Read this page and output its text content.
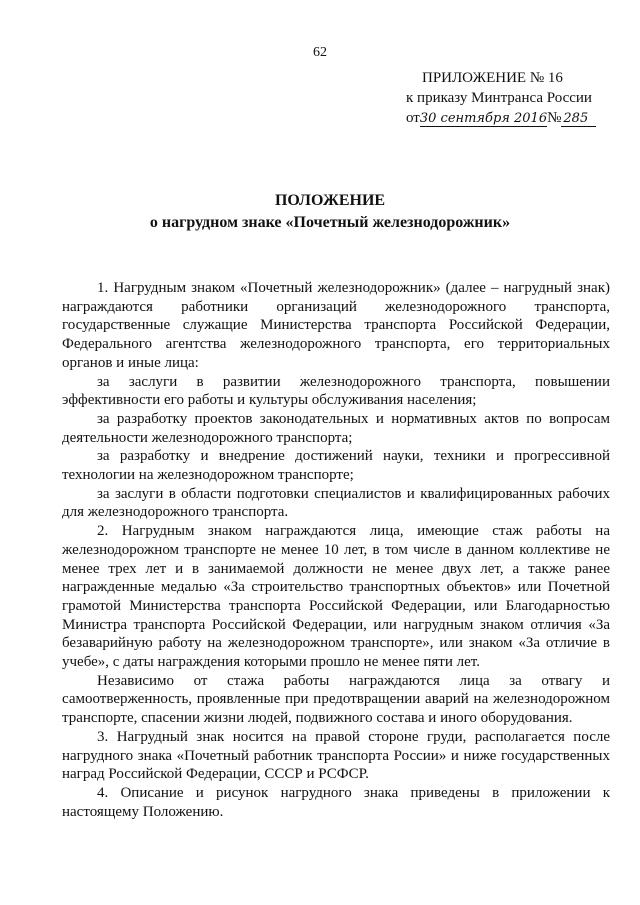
62
ПРИЛОЖЕНИЕ № 16
к приказу Минтранса России
от30 сентября 2016№ 285
ПОЛОЖЕНИЕ
о нагрудном знаке «Почетный железнодорожник»

1. Нагрудным знаком «Почетный железнодорожник» (далее – нагрудный знак) награждаются работники организаций железнодорожного транспорта, государственные служащие Министерства транспорта Российской Федерации, Федерального агентства железнодорожного транспорта, его территориальных органов и иные лица:

за заслуги в развитии железнодорожного транспорта, повышении эффективности его работы и культуры обслуживания населения;

за разработку проектов законодательных и нормативных актов по вопросам деятельности железнодорожного транспорта;

за разработку и внедрение достижений науки, техники и прогрессивной технологии на железнодорожном транспорте;

за заслуги в области подготовки специалистов и квалифицированных рабочих для железнодорожного транспорта.

2. Нагрудным знаком награждаются лица, имеющие стаж работы на железнодорожном транспорте не менее 10 лет, в том числе в данном коллективе не менее трех лет и в занимаемой должности не менее двух лет, а также ранее награжденные медалью «За строительство транспортных объектов» или Почетной грамотой Министерства транспорта Российской Федерации, или Благодарностью Министра транспорта Российской Федерации, или нагрудным знаком отличия «За безаварийную работу на железнодорожном транспорте», или знаком «За отличие в учебе», с даты награждения которыми прошло не менее пяти лет.

Независимо от стажа работы награждаются лица за отвагу и самоотверженность, проявленные при предотвращении аварий на железнодорожном транспорте, спасении жизни людей, подвижного состава и иного оборудования.

3. Нагрудный знак носится на правой стороне груди, располагается после нагрудного знака «Почетный работник транспорта России» и ниже государственных наград Российской Федерации, СССР и РСФСР.

4. Описание и рисунок нагрудного знака приведены в приложении к настоящему Положению.
